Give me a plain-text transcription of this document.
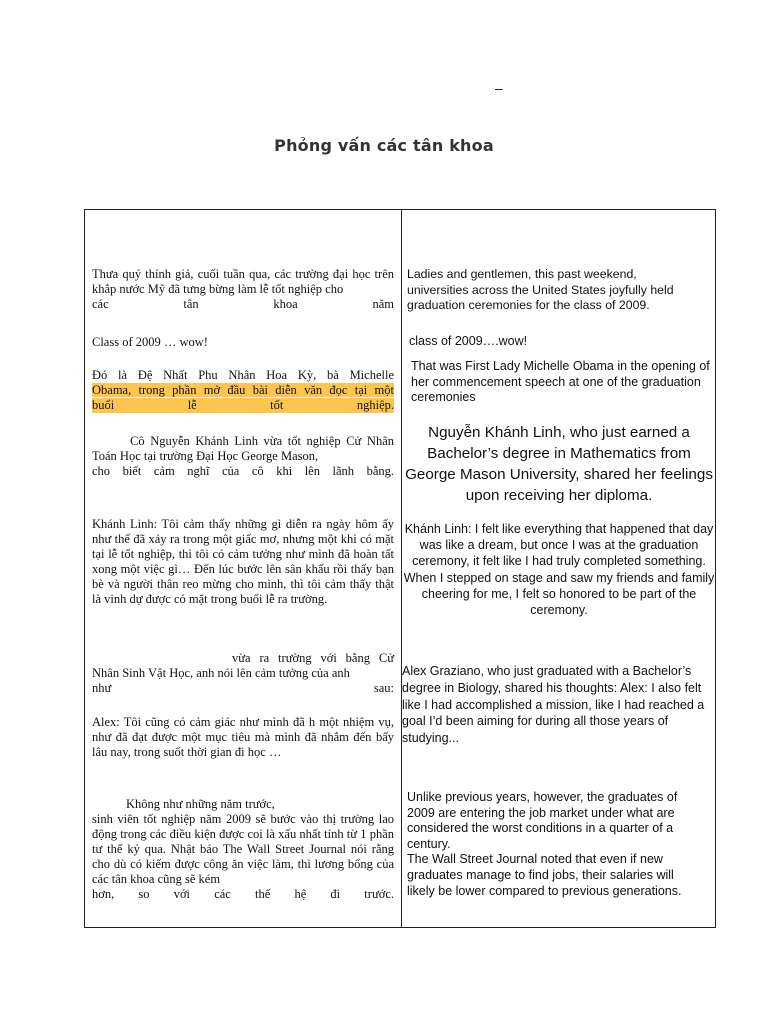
–
Phỏng vấn các tân khoa
Thưa quý thính giả, cuối tuần qua, các trường đại học trên khắp nước Mỹ đã tưng bừng làm lễ tốt nghiệp cho
các tân khoa năm
Class of 2009 … wow!
Đó là Đệ Nhất Phu Nhân Hoa Kỳ, bà Michelle
Obama, trong phần mở đầu bài diễn văn đọc tại một
buổi lễ tốt nghiệp.
Cô Nguyễn Khánh Linh vừa tốt nghiệp Cử Nhân Toán Học tại trường Đại Học George Mason,
cho biết cảm nghĩ của cô khi lên lãnh bằng.
Khánh Linh: Tôi cảm thấy những gì diễn ra ngày hôm ấy như thể đã xảy ra trong một giấc mơ, nhưng một khi có mặt tại lễ tốt nghiệp, thì tôi có cảm tưởng như mình đã hoàn tất xong một việc gì… Đến lúc bước lên sân khấu rồi thấy bạn bè và người thân reo mừng cho mình, thì tôi cảm thấy thật là vinh dự được có mặt trong buổi lễ ra trường.
vừa ra trường với bằng Cử Nhân Sinh Vật Học, anh nói lên cảm tưởng của anh
như sau:
Alex: Tôi cũng có cảm giác như mình đã h một nhiệm vụ, như đã đạt được một mục tiêu mà mình đã nhắm đến bấy lâu nay, trong suốt thời gian đi học …
Không như những năm trước,
sinh viên tốt nghiệp năm 2009 sẽ bước vào thị trường lao động trong các điều kiện được coi là xấu nhất tính từ 1 phần tư thế kỷ qua. Nhật báo The Wall Street Journal nói rằng cho dù có kiếm được công ăn việc làm, thì lương bổng của các tân khoa cũng sẽ kém
hơn, so với các thế hệ đi trước.
Ladies and gentlemen, this past weekend, universities across the United States joyfully held graduation ceremonies for the class of 2009.
class of 2009….wow!
That was First Lady Michelle Obama in the opening of her commencement speech at one of the graduation ceremonies
Nguyễn Khánh Linh, who just earned a Bachelor’s degree in Mathematics from George Mason University, shared her feelings upon receiving her diploma.
Khánh Linh: I felt like everything that happened that day was like a dream, but once I was at the graduation ceremony, it felt like I had truly completed something. When I stepped on stage and saw my friends and family cheering for me, I felt so honored to be part of the ceremony.
Alex Graziano, who just graduated with a Bachelor’s degree in Biology, shared his thoughts: Alex: I also felt like I had accomplished a mission, like I had reached a goal I’d been aiming for during all those years of studying...
Unlike previous years, however, the graduates of 2009 are entering the job market under what are considered the worst conditions in a quarter of a century.
The Wall Street Journal noted that even if new graduates manage to find jobs, their salaries will likely be lower compared to previous generations.
